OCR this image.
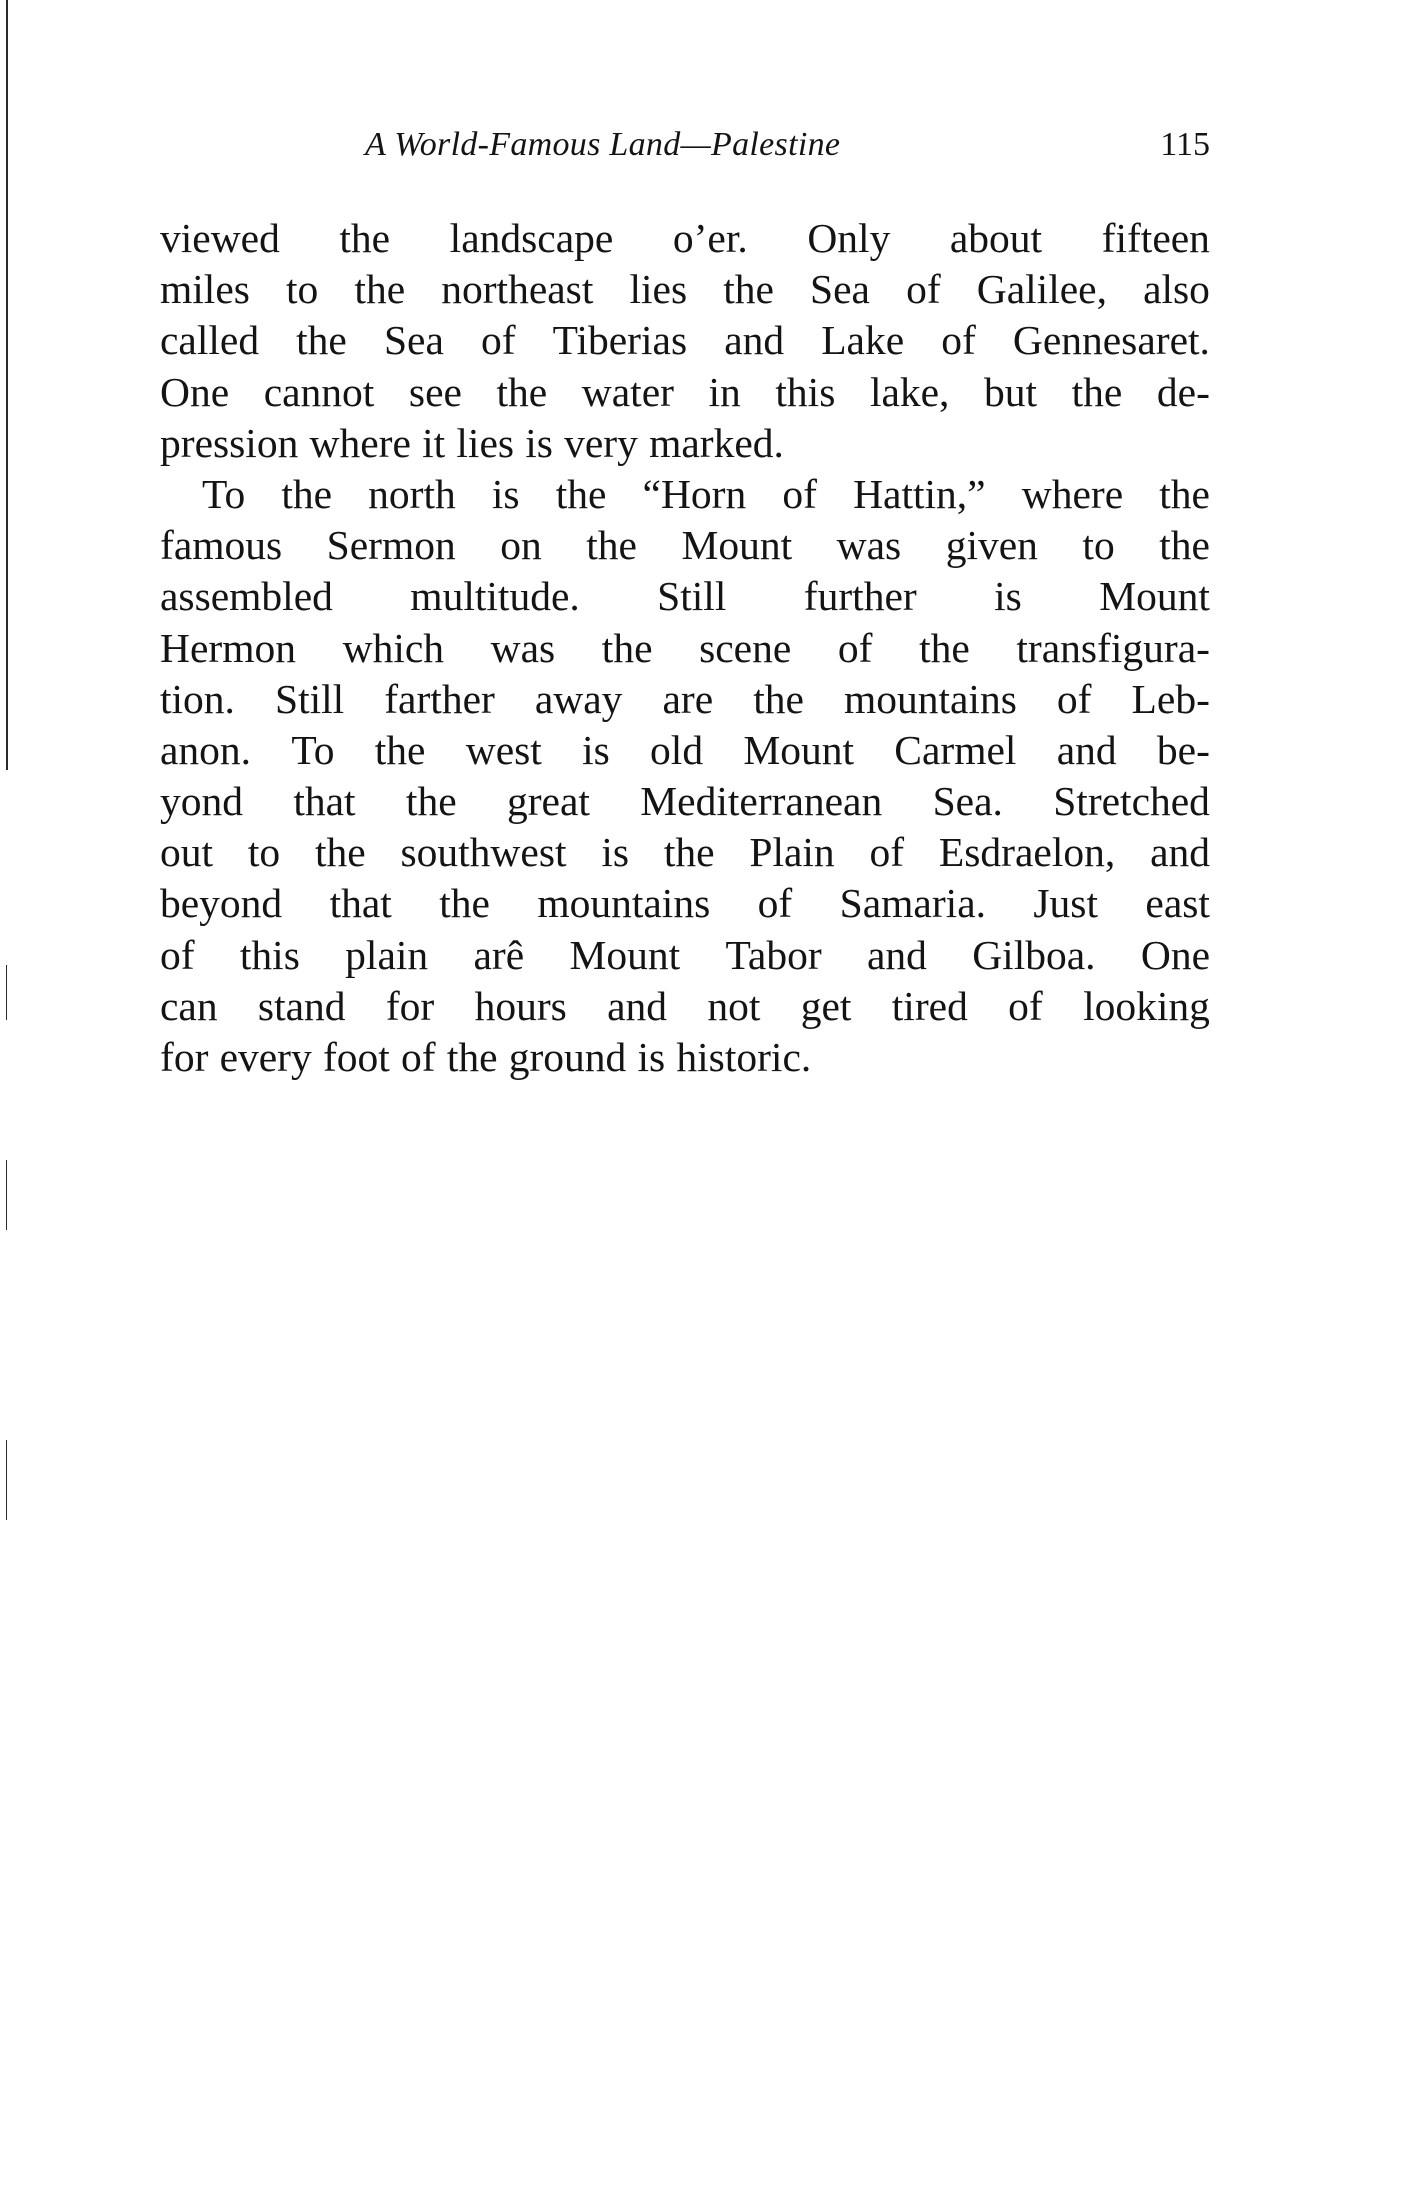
A World-Famous Land—Palestine	115
viewed the landscape o’er. Only about fifteen
miles to the northeast lies the Sea of Galilee, also
called the Sea of Tiberias and Lake of Gennesaret.
One cannot see the water in this lake, but the de-
pression where it lies is very marked.
To the north is the “Horn of Hattin,” where the
famous Sermon on the Mount was given to the
assembled multitude. Still further is Mount
Hermon which was the scene of the transfigura-
tion. Still farther away are the mountains of Leb-
anon. To the west is old Mount Carmel and be-
yond that the great Mediterranean Sea. Stretched
out to the southwest is the Plain of Esdraelon, and
beyond that the mountains of Samaria. Just east
of this plain arê Mount Tabor and Gilboa. One
can stand for hours and not get tired of looking
for every foot of the ground is historic.
